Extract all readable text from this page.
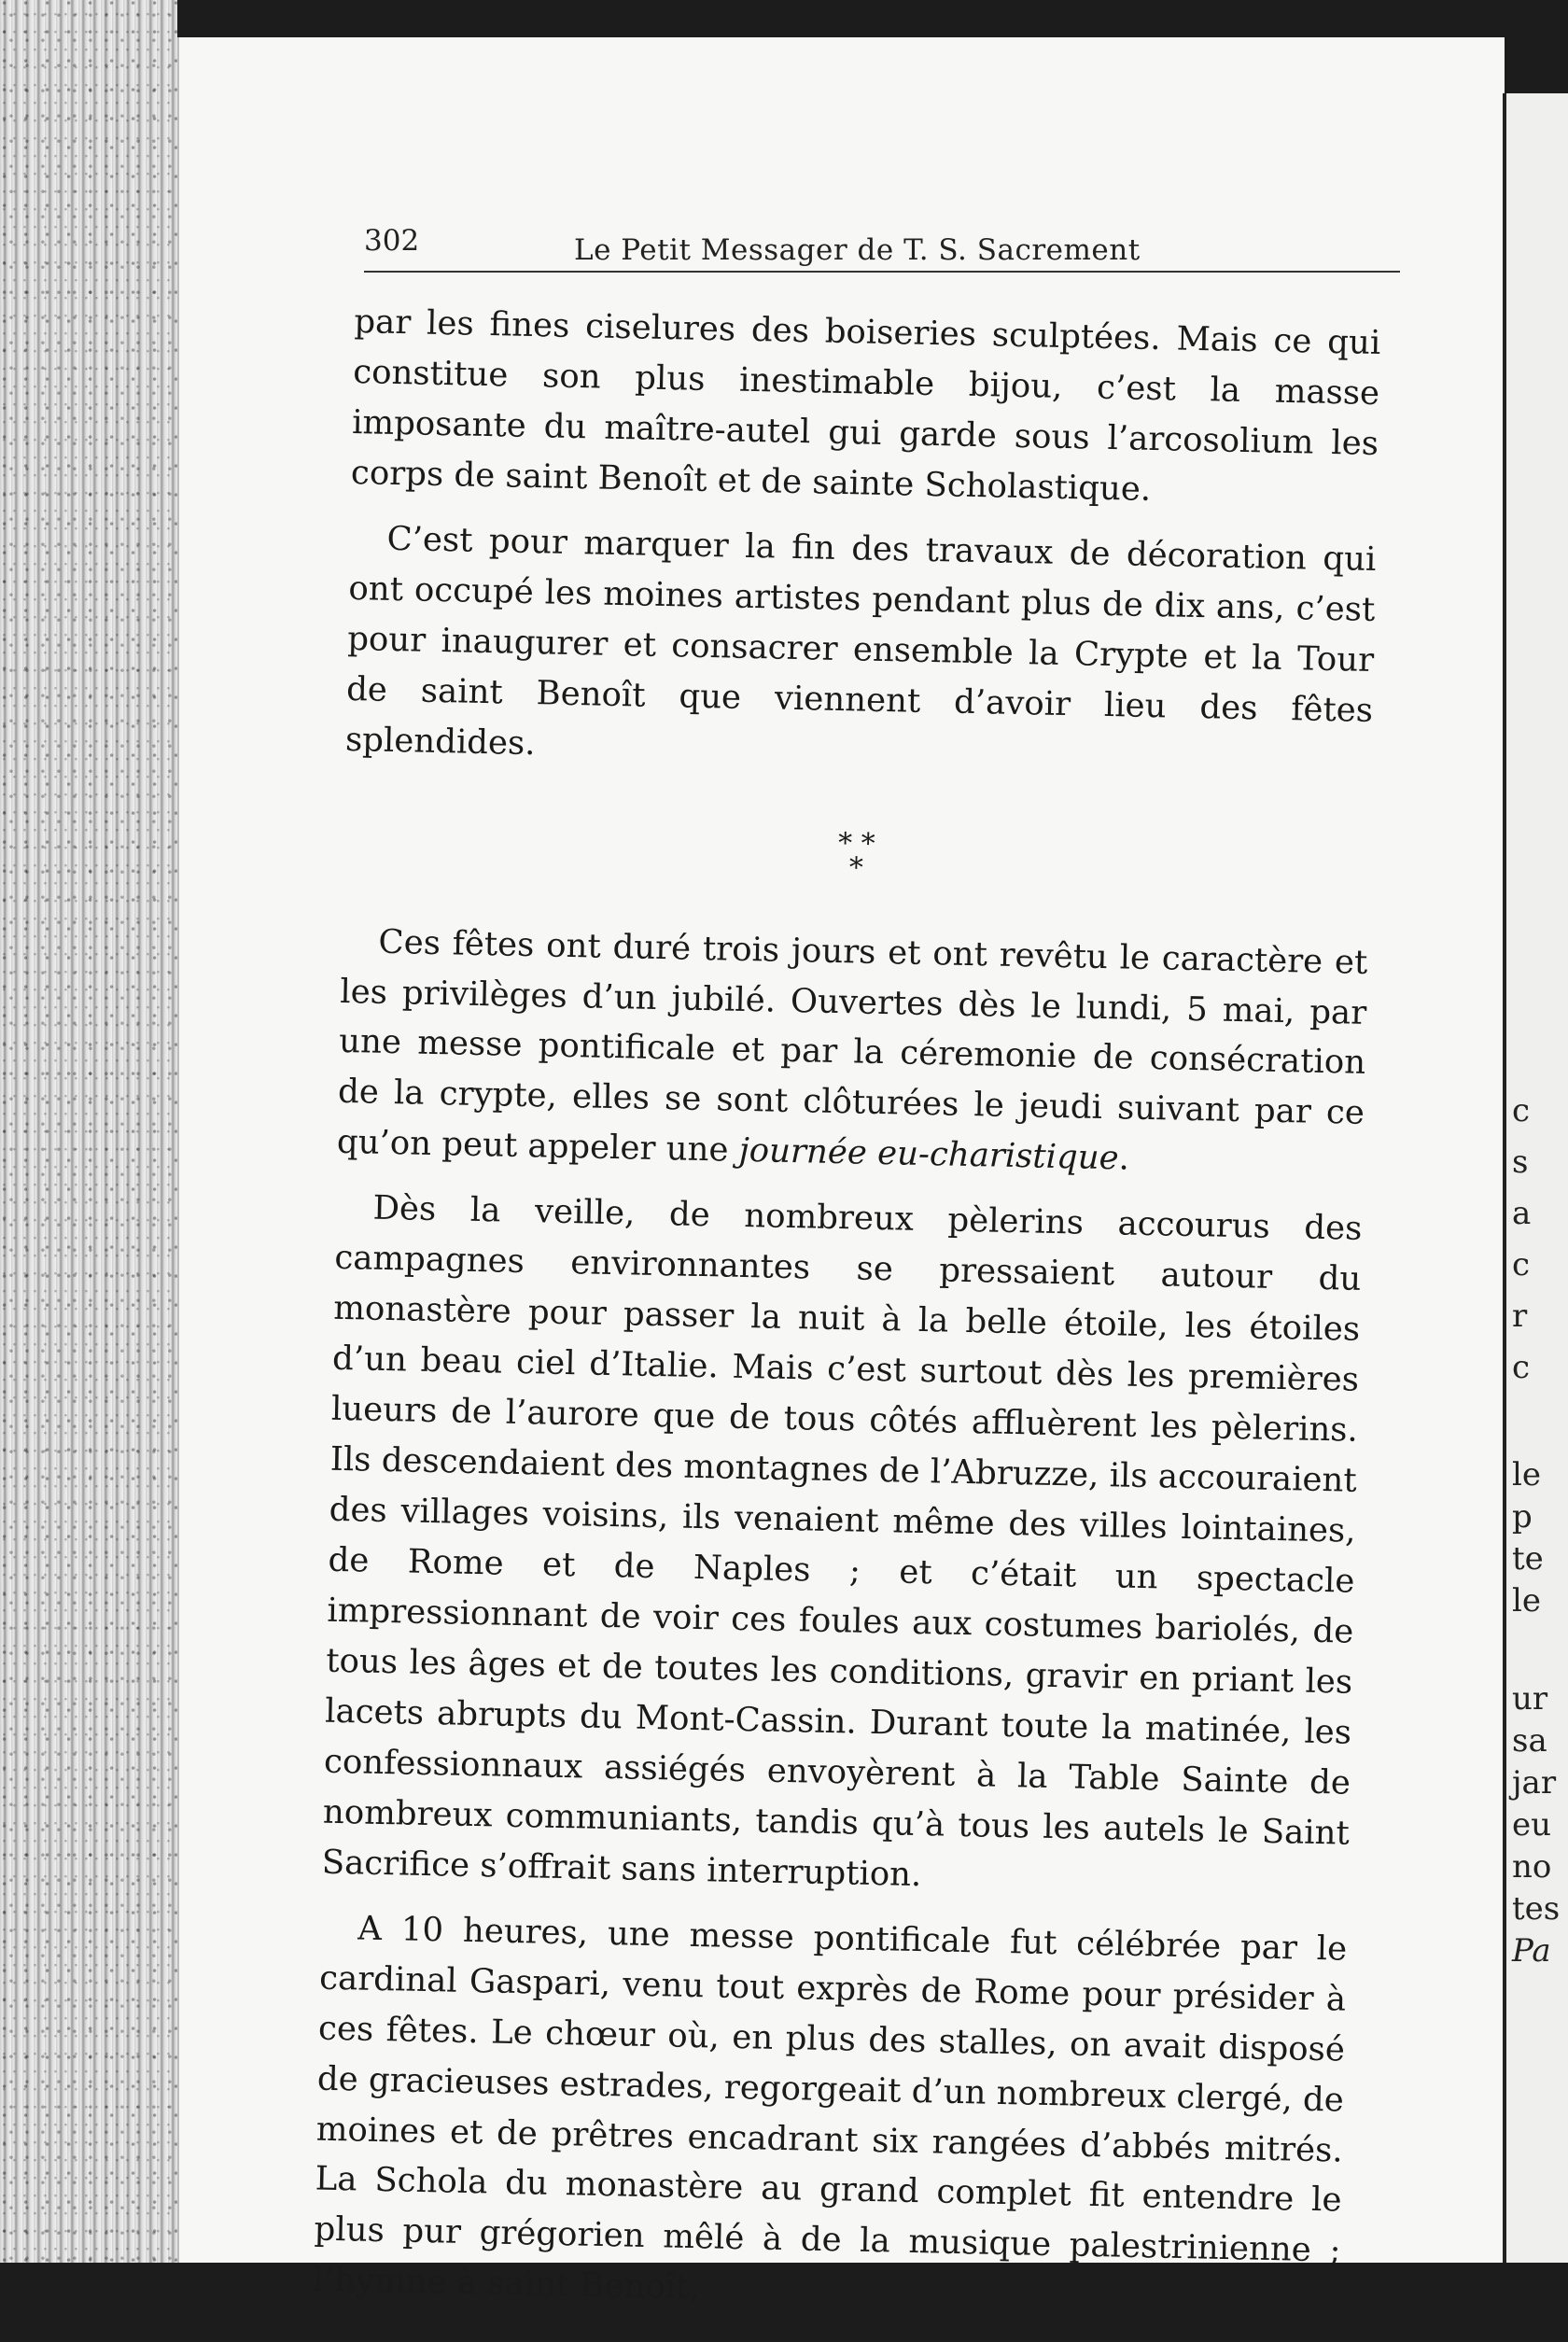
c
s
a
c
r
c
le
p
te
le
ur
sa
jar
eu
no
tes
Pa
302	Le Petit Messager de T. S. Sacrement

par les fines ciselures des boiseries sculptées. Mais ce qui constitue son plus inestimable bijou, c’est la masse imposante du maître-autel gui garde sous l’arcosolium les corps de saint Benoît et de sainte Scholastique.

C’est pour marquer la fin des travaux de décoration qui ont occupé les moines artistes pendant plus de dix ans, c’est pour inaugurer et consacrer ensemble la Crypte et la Tour de saint Benoît que viennent d’avoir lieu des fêtes splendides.

* *
*

Ces fêtes ont duré trois jours et ont revêtu le caractère et les privilèges d’un jubilé. Ouvertes dès le lundi, 5 mai, par une messe pontificale et par la céremonie de consécration de la crypte, elles se sont clôturées le jeudi suivant par ce qu’on peut appeler une journée eu-charistique.

Dès la veille, de nombreux pèlerins accourus des campagnes environnantes se pressaient autour du monastère pour passer la nuit à la belle étoile, les étoiles d’un beau ciel d’Italie. Mais c’est surtout dès les premières lueurs de l’aurore que de tous côtés affluèrent les pèlerins. Ils descendaient des montagnes de l’Abruzze, ils accouraient des villages voisins, ils venaient même des villes lointaines, de Rome et de Naples ; et c’était un spectacle impressionnant de voir ces foules aux costumes bariolés, de tous les âges et de toutes les conditions, gravir en priant les lacets abrupts du Mont-Cassin. Durant toute la matinée, les confessionnaux assiégés envoyèrent à la Table Sainte de nombreux communiants, tandis qu’à tous les autels le Saint Sacrifice s’offrait sans interruption.

A 10 heures, une messe pontificale fut célébrée par le cardinal Gaspari, venu tout exprès de Rome pour présider à ces fêtes. Le chœur où, en plus des stalles, on avait disposé de gracieuses estrades, regorgeait d’un nombreux clergé, de moines et de prêtres encadrant six rangées d’abbés mitrés. La Schola du monastère au grand complet fit entendre le plus pur grégorien mêlé à de la musique palestrinienne ; l’hymne à saint Benoît,
